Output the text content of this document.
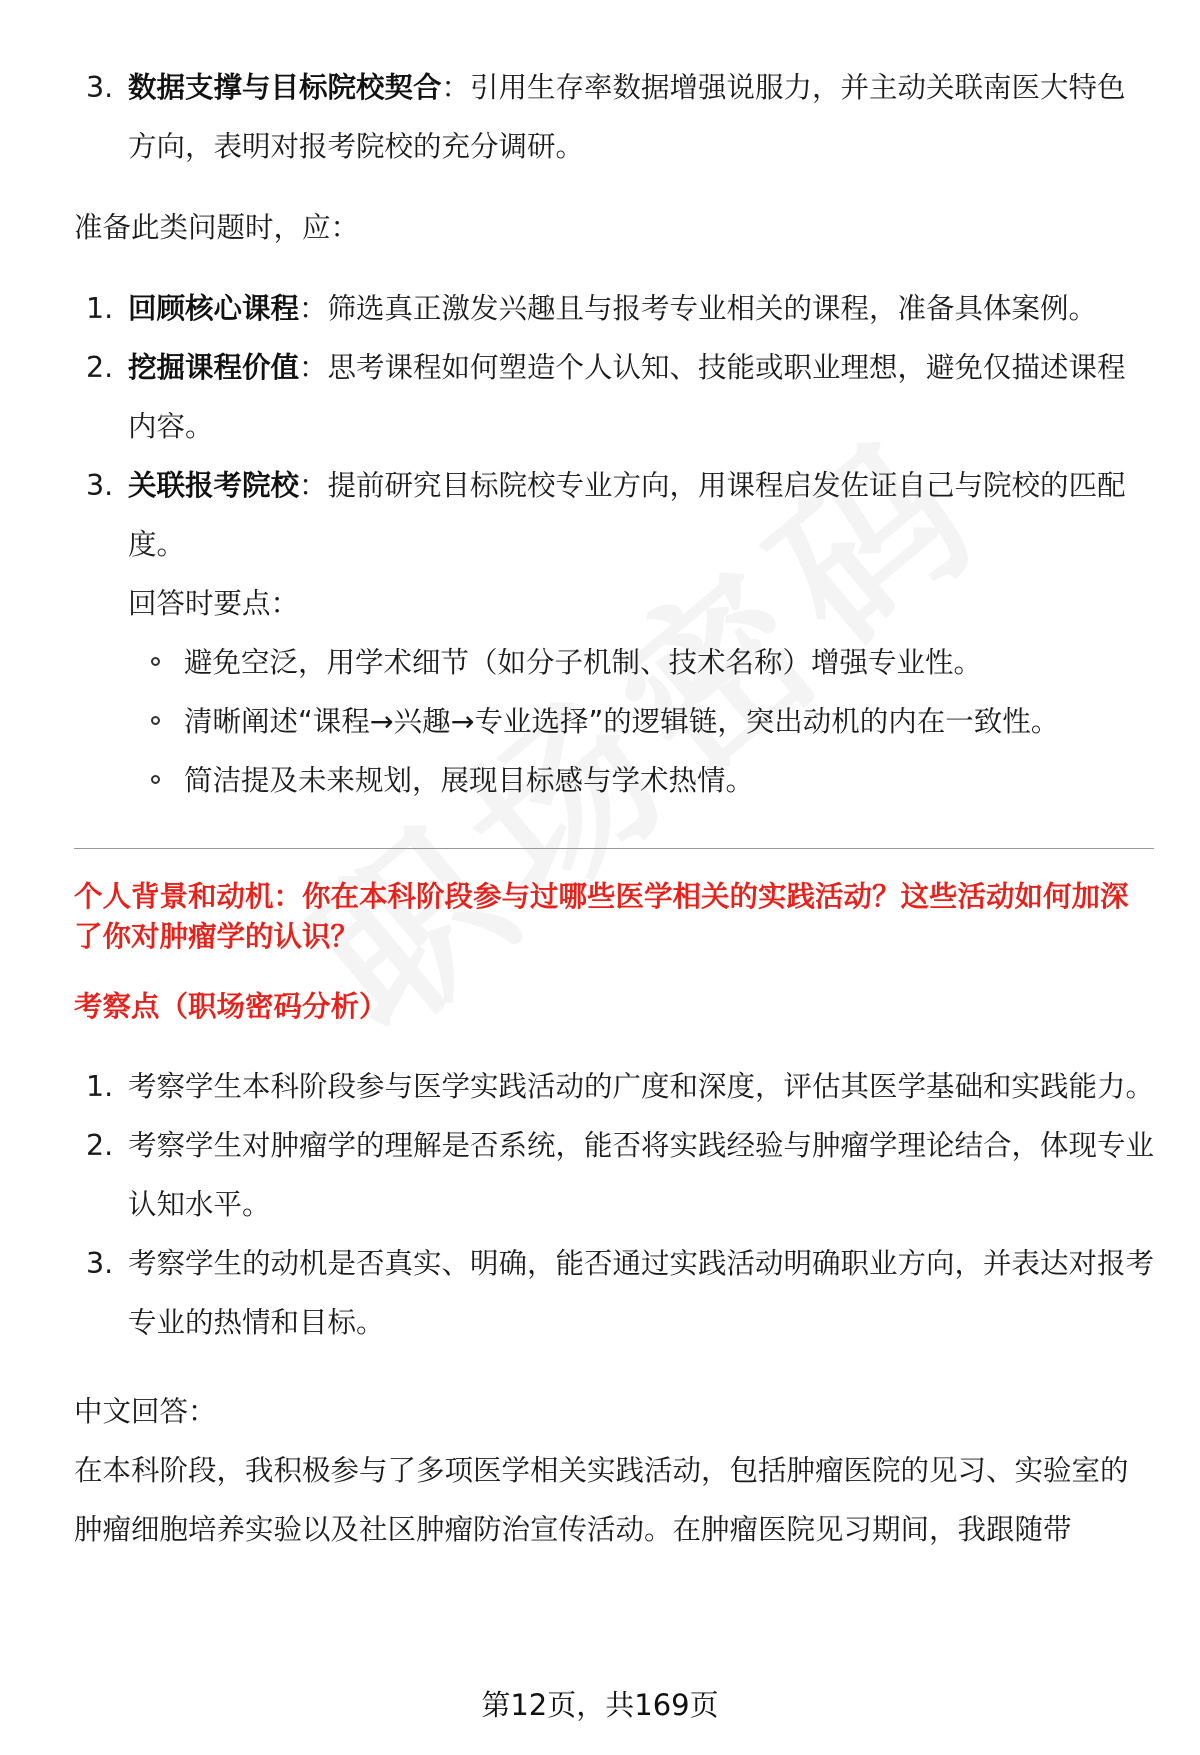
3. 数据支撑与目标院校契合：引用生存率数据增强说服力，并主动关联南医大特色方向，表明对报考院校的充分调研。

准备此类问题时，应：

1. 回顾核心课程：筛选真正激发兴趣且与报考专业相关的课程，准备具体案例。
2. 挖掘课程价值：思考课程如何塑造个人认知、技能或职业理想，避免仅描述课程内容。
3. 关联报考院校：提前研究目标院校专业方向，用课程启发佐证自己与院校的匹配度。

回答时要点：

避免空泛，用学术细节（如分子机制、技术名称）增强专业性。
清晰阐述“课程→兴趣→专业选择”的逻辑链，突出动机的内在一致性。
简洁提及未来规划，展现目标感与学术热情。

个人背景和动机：你在本科阶段参与过哪些医学相关的实践活动？这些活动如何加深了你对肿瘤学的认识？

考察点（职场密码分析）

1. 考察学生本科阶段参与医学实践活动的广度和深度，评估其医学基础和实践能力。
2. 考察学生对肿瘤学的理解是否系统，能否将实践经验与肿瘤学理论结合，体现专业认知水平。
3. 考察学生的动机是否真实、明确，能否通过实践活动明确职业方向，并表达对报考专业的热情和目标。

中文回答：

在本科阶段，我积极参与了多项医学相关实践活动，包括肿瘤医院的见习、实验室的肿瘤细胞培养实验以及社区肿瘤防治宣传活动。在肿瘤医院见习期间，我跟随带

第12页，共169页
